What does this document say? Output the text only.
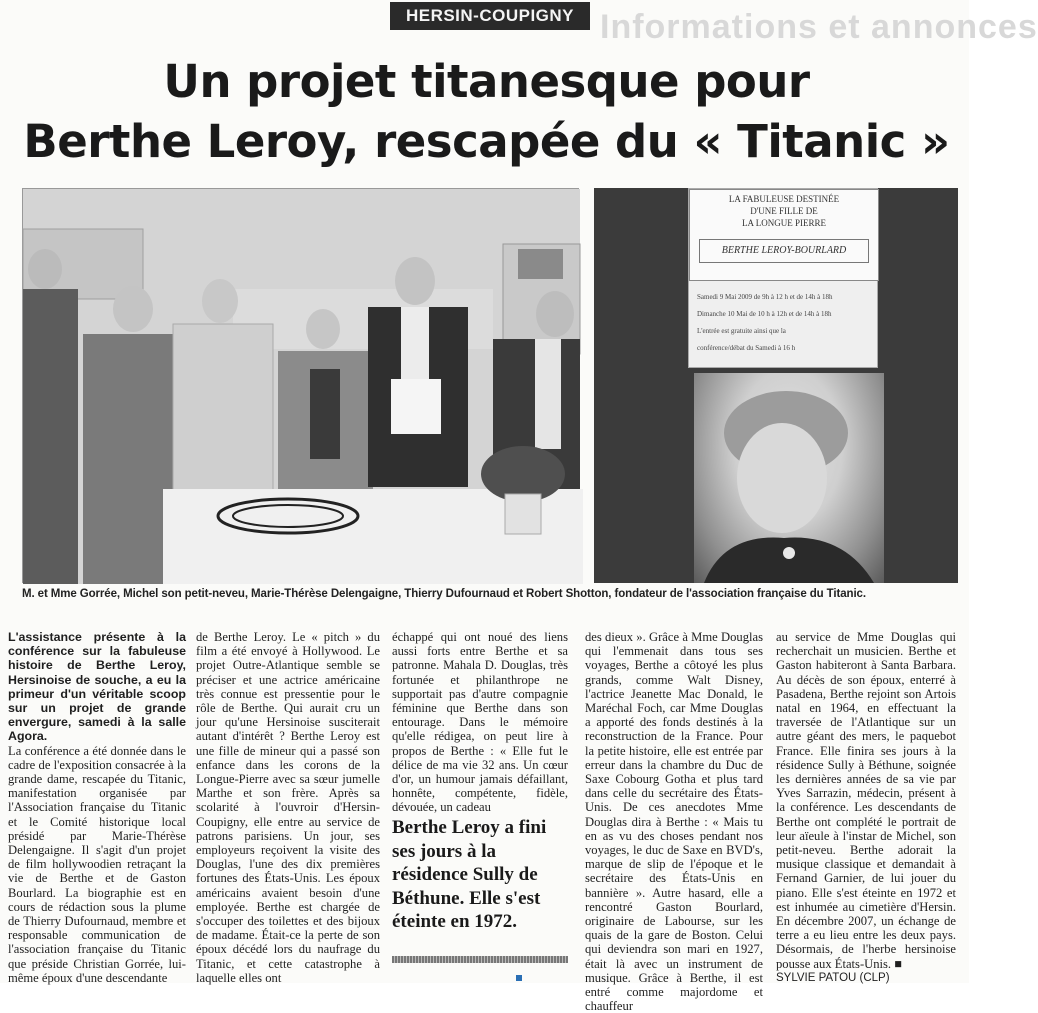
Informations et annonces
HERSIN-COUPIGNY
Un projet titanesque pour
Berthe Leroy, rescapée du « Titanic »
LA FABULEUSE DESTINÉE
D'UNE FILLE DE
LA LONGUE PIERRE
BERTHE LEROY-BOURLARD
Samedi 9 Mai 2009 de 9h à 12 h et de 14h à 18h
Dimanche 10 Mai de 10 h à 12h et de 14h à 18h
L'entrée est gratuite ainsi que la
conférence/débat du Samedi à 16 h
M. et Mme Gorrée, Michel son petit-neveu, Marie-Thérèse Delengaigne, Thierry Dufournaud et Robert Shotton, fondateur de l'association française du Titanic.

L'assistance présente à la conférence sur la fabuleuse histoire de Berthe Leroy, Hersinoise de souche, a eu la primeur d'un véritable scoop sur un projet de grande envergure, samedi à la salle Agora.

La conférence a été donnée dans le cadre de l'exposition consacrée à la grande dame, rescapée du Titanic, manifestation organisée par l'Association française du Titanic et le Comité historique local présidé par Marie-Thérèse Delengaigne. Il s'agit d'un projet de film hollywoodien retraçant la vie de Berthe et de Gaston Bourlard. La biographie est en cours de rédaction sous la plume de Thierry Dufournaud, membre et responsable communication de l'association française du Titanic que préside Christian Gorrée, lui-même époux d'une descendante

de Berthe Leroy. Le « pitch » du film a été envoyé à Hollywood. Le projet Outre-Atlantique semble se préciser et une actrice américaine très connue est pressentie pour le rôle de Berthe. Qui aurait cru un jour qu'une Hersinoise susciterait autant d'intérêt ? Berthe Leroy est une fille de mineur qui a passé son enfance dans les corons de la Longue-Pierre avec sa sœur jumelle Marthe et son frère. Après sa scolarité à l'ouvroir d'Hersin-Coupigny, elle entre au service de patrons parisiens. Un jour, ses employeurs reçoivent la visite des Douglas, l'une des dix premières fortunes des États-Unis. Les époux américains avaient besoin d'une employée. Berthe est chargée de s'occuper des toilettes et des bijoux de madame. Était-ce la perte de son époux décédé lors du naufrage du Titanic, et cette catastrophe à laquelle elles ont

échappé qui ont noué des liens aussi forts entre Berthe et sa patronne. Mahala D. Douglas, très fortunée et philanthrope ne supportait pas d'autre compagnie féminine que Berthe dans son entourage. Dans le mémoire qu'elle rédigea, on peut lire à propos de Berthe : « Elle fut le délice de ma vie 32 ans. Un cœur d'or, un humour jamais défaillant, honnête, compétente, fidèle, dévouée, un cadeau

Berthe Leroy a fini ses jours à la résidence Sully de Béthune. Elle s'est éteinte en 1972.

des dieux ». Grâce à Mme Douglas qui l'emmenait dans tous ses voyages, Berthe a côtoyé les plus grands, comme Walt Disney, l'actrice Jeanette Mac Donald, le Maréchal Foch, car Mme Douglas a apporté des fonds destinés à la reconstruction de la France. Pour la petite histoire, elle est entrée par erreur dans la chambre du Duc de Saxe Cobourg Gotha et plus tard dans celle du secrétaire des États-Unis. De ces anecdotes Mme Douglas dira à Berthe : « Mais tu en as vu des choses pendant nos voyages, le duc de Saxe en BVD's, marque de slip de l'époque et le secrétaire des États-Unis en bannière ». Autre hasard, elle a rencontré Gaston Bourlard, originaire de Labourse, sur les quais de la gare de Boston. Celui qui deviendra son mari en 1927, était là avec un instrument de musique. Grâce à Berthe, il est entré comme majordome et chauffeur

au service de Mme Douglas qui recherchait un musicien. Berthe et Gaston habiteront à Santa Barbara. Au décès de son époux, enterré à Pasadena, Berthe rejoint son Artois natal en 1964, en effectuant la traversée de l'Atlantique sur un autre géant des mers, le paquebot France. Elle finira ses jours à la résidence Sully à Béthune, soignée les dernières années de sa vie par Yves Sarrazin, médecin, présent à la conférence. Les descendants de Berthe ont complété le portrait de leur aïeule à l'instar de Michel, son petit-neveu. Berthe adorait la musique classique et demandait à Fernand Garnier, de lui jouer du piano. Elle s'est éteinte en 1972 et est inhumée au cimetière d'Hersin. En décembre 2007, un échange de terre a eu lieu entre les deux pays. Désormais, de l'herbe hersinoise pousse aux États-Unis. ■

SYLVIE PATOU (CLP)
